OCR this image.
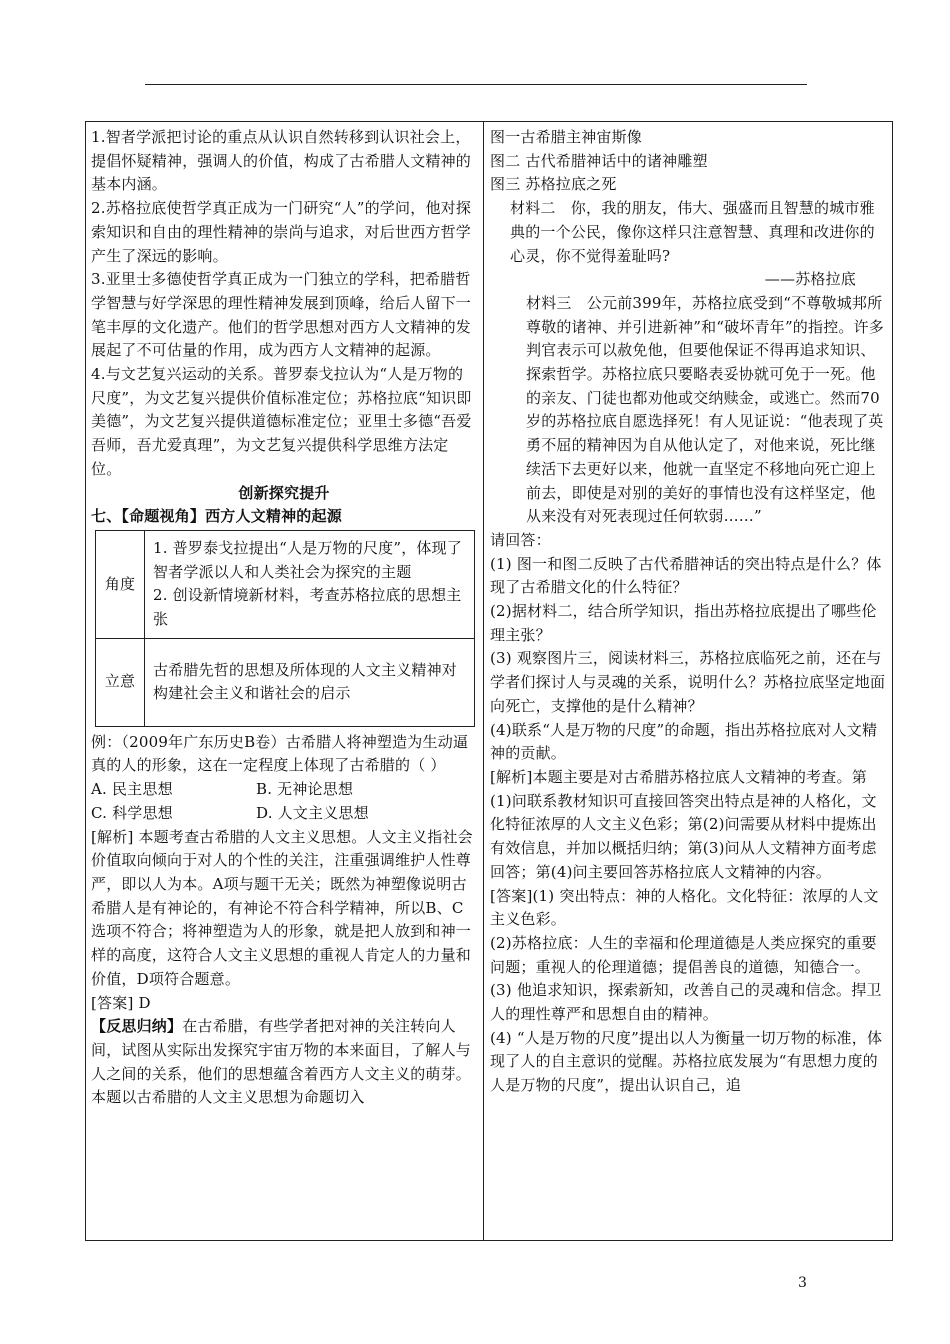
1.智者学派把讨论的重点从认识自然转移到认识社会上，提倡怀疑精神，强调人的价值，构成了古希腊人文精神的基本内涵。

2.苏格拉底使哲学真正成为一门研究“人”的学问，他对探索知识和自由的理性精神的崇尚与追求，对后世西方哲学产生了深远的影响。

3.亚里士多德使哲学真正成为一门独立的学科，把希腊哲学智慧与好学深思的理性精神发展到顶峰，给后人留下一笔丰厚的文化遗产。他们的哲学思想对西方人文精神的发展起了不可估量的作用，成为西方人文精神的起源。

4.与文艺复兴运动的关系。普罗泰戈拉认为“人是万物的尺度”，为文艺复兴提供价值标准定位；苏格拉底“知识即美德”，为文艺复兴提供道德标准定位；亚里士多德“吾爱吾师，吾尤爱真理”，为文艺复兴提供科学思维方法定位。

创新探究提升

七、【命题视角】西方人文精神的起源

角度	1. 普罗泰戈拉提出“人是万物的尺度”，体现了智者学派以人和人类社会为探究的主题

2. 创设新情境新材料，考查苏格拉底的思想主张

立意	古希腊先哲的思想及所体现的人文主义精神对构建社会主义和谐社会的启示

例：（2009年广东历史B卷）古希腊人将神塑造为生动逼真的人的形象，这在一定程度上体现了古希腊的（ ）

A. 民主思想	B. 无神论思想
C. 科学思想	D. 人文主义思想

[解析] 本题考查古希腊的人文主义思想。人文主义指社会价值取向倾向于对人的个性的关注，注重强调维护人性尊严，即以人为本。A项与题干无关；既然为神塑像说明古希腊人是有神论的，有神论不符合科学精神，所以B、C选项不符合；将神塑造为人的形象，就是把人放到和神一样的高度，这符合人文主义思想的重视人肯定人的力量和价值，D项符合题意。

[答案] D

【反思归纳】在古希腊，有些学者把对神的关注转向人间，试图从实际出发探究宇宙万物的本来面目，了解人与人之间的关系，他们的思想蕴含着西方人文主义的萌芽。本题以古希腊的人文主义思想为命题切入

图一古希腊主神宙斯像

图二 古代希腊神话中的诸神雕塑

图三 苏格拉底之死

材料二　你，我的朋友，伟大、强盛而且智慧的城市雅典的一个公民，像你这样只注意智慧、真理和改进你的心灵，你不觉得羞耻吗?

——苏格拉底

材料三　公元前399年，苏格拉底受到“不尊敬城邦所尊敬的诸神、并引进新神”和“破坏青年”的指控。许多判官表示可以赦免他，但要他保证不得再追求知识、探索哲学。苏格拉底只要略表妥协就可免于一死。他的亲友、门徒也都劝他或交纳赎金，或逃亡。然而70岁的苏格拉底自愿选择死！有人见证说：“他表现了英勇不屈的精神因为自从他认定了，对他来说，死比继续活下去更好以来，他就一直坚定不移地向死亡迎上前去，即使是对别的美好的事情也没有这样坚定，他从来没有对死表现过任何软弱……”

请回答：

(1) 图一和图二反映了古代希腊神话的突出特点是什么？体现了古希腊文化的什么特征？

(2)据材料二，结合所学知识，指出苏格拉底提出了哪些伦理主张？

(3) 观察图片三，阅读材料三，苏格拉底临死之前，还在与学者们探讨人与灵魂的关系，说明什么？苏格拉底坚定地面向死亡，支撑他的是什么精神？

(4)联系“人是万物的尺度”的命题，指出苏格拉底对人文精神的贡献。

[解析]本题主要是对古希腊苏格拉底人文精神的考查。第(1)问联系教材知识可直接回答突出特点是神的人格化，文化特征浓厚的人文主义色彩；第(2)问需要从材料中提炼出有效信息，并加以概括归纳；第(3)问从人文精神方面考虑回答；第(4)问主要回答苏格拉底人文精神的内容。

[答案](1) 突出特点：神的人格化。文化特征：浓厚的人文主义色彩。

(2)苏格拉底：人生的幸福和伦理道德是人类应探究的重要问题；重视人的伦理道德；提倡善良的道德，知德合一。

(3) 他追求知识，探索新知，改善自己的灵魂和信念。捍卫人的理性尊严和思想自由的精神。

(4) “人是万物的尺度”提出以人为衡量一切万物的标准，体现了人的自主意识的觉醒。苏格拉底发展为“有思想力度的人是万物的尺度”，提出认识自己，追

3
